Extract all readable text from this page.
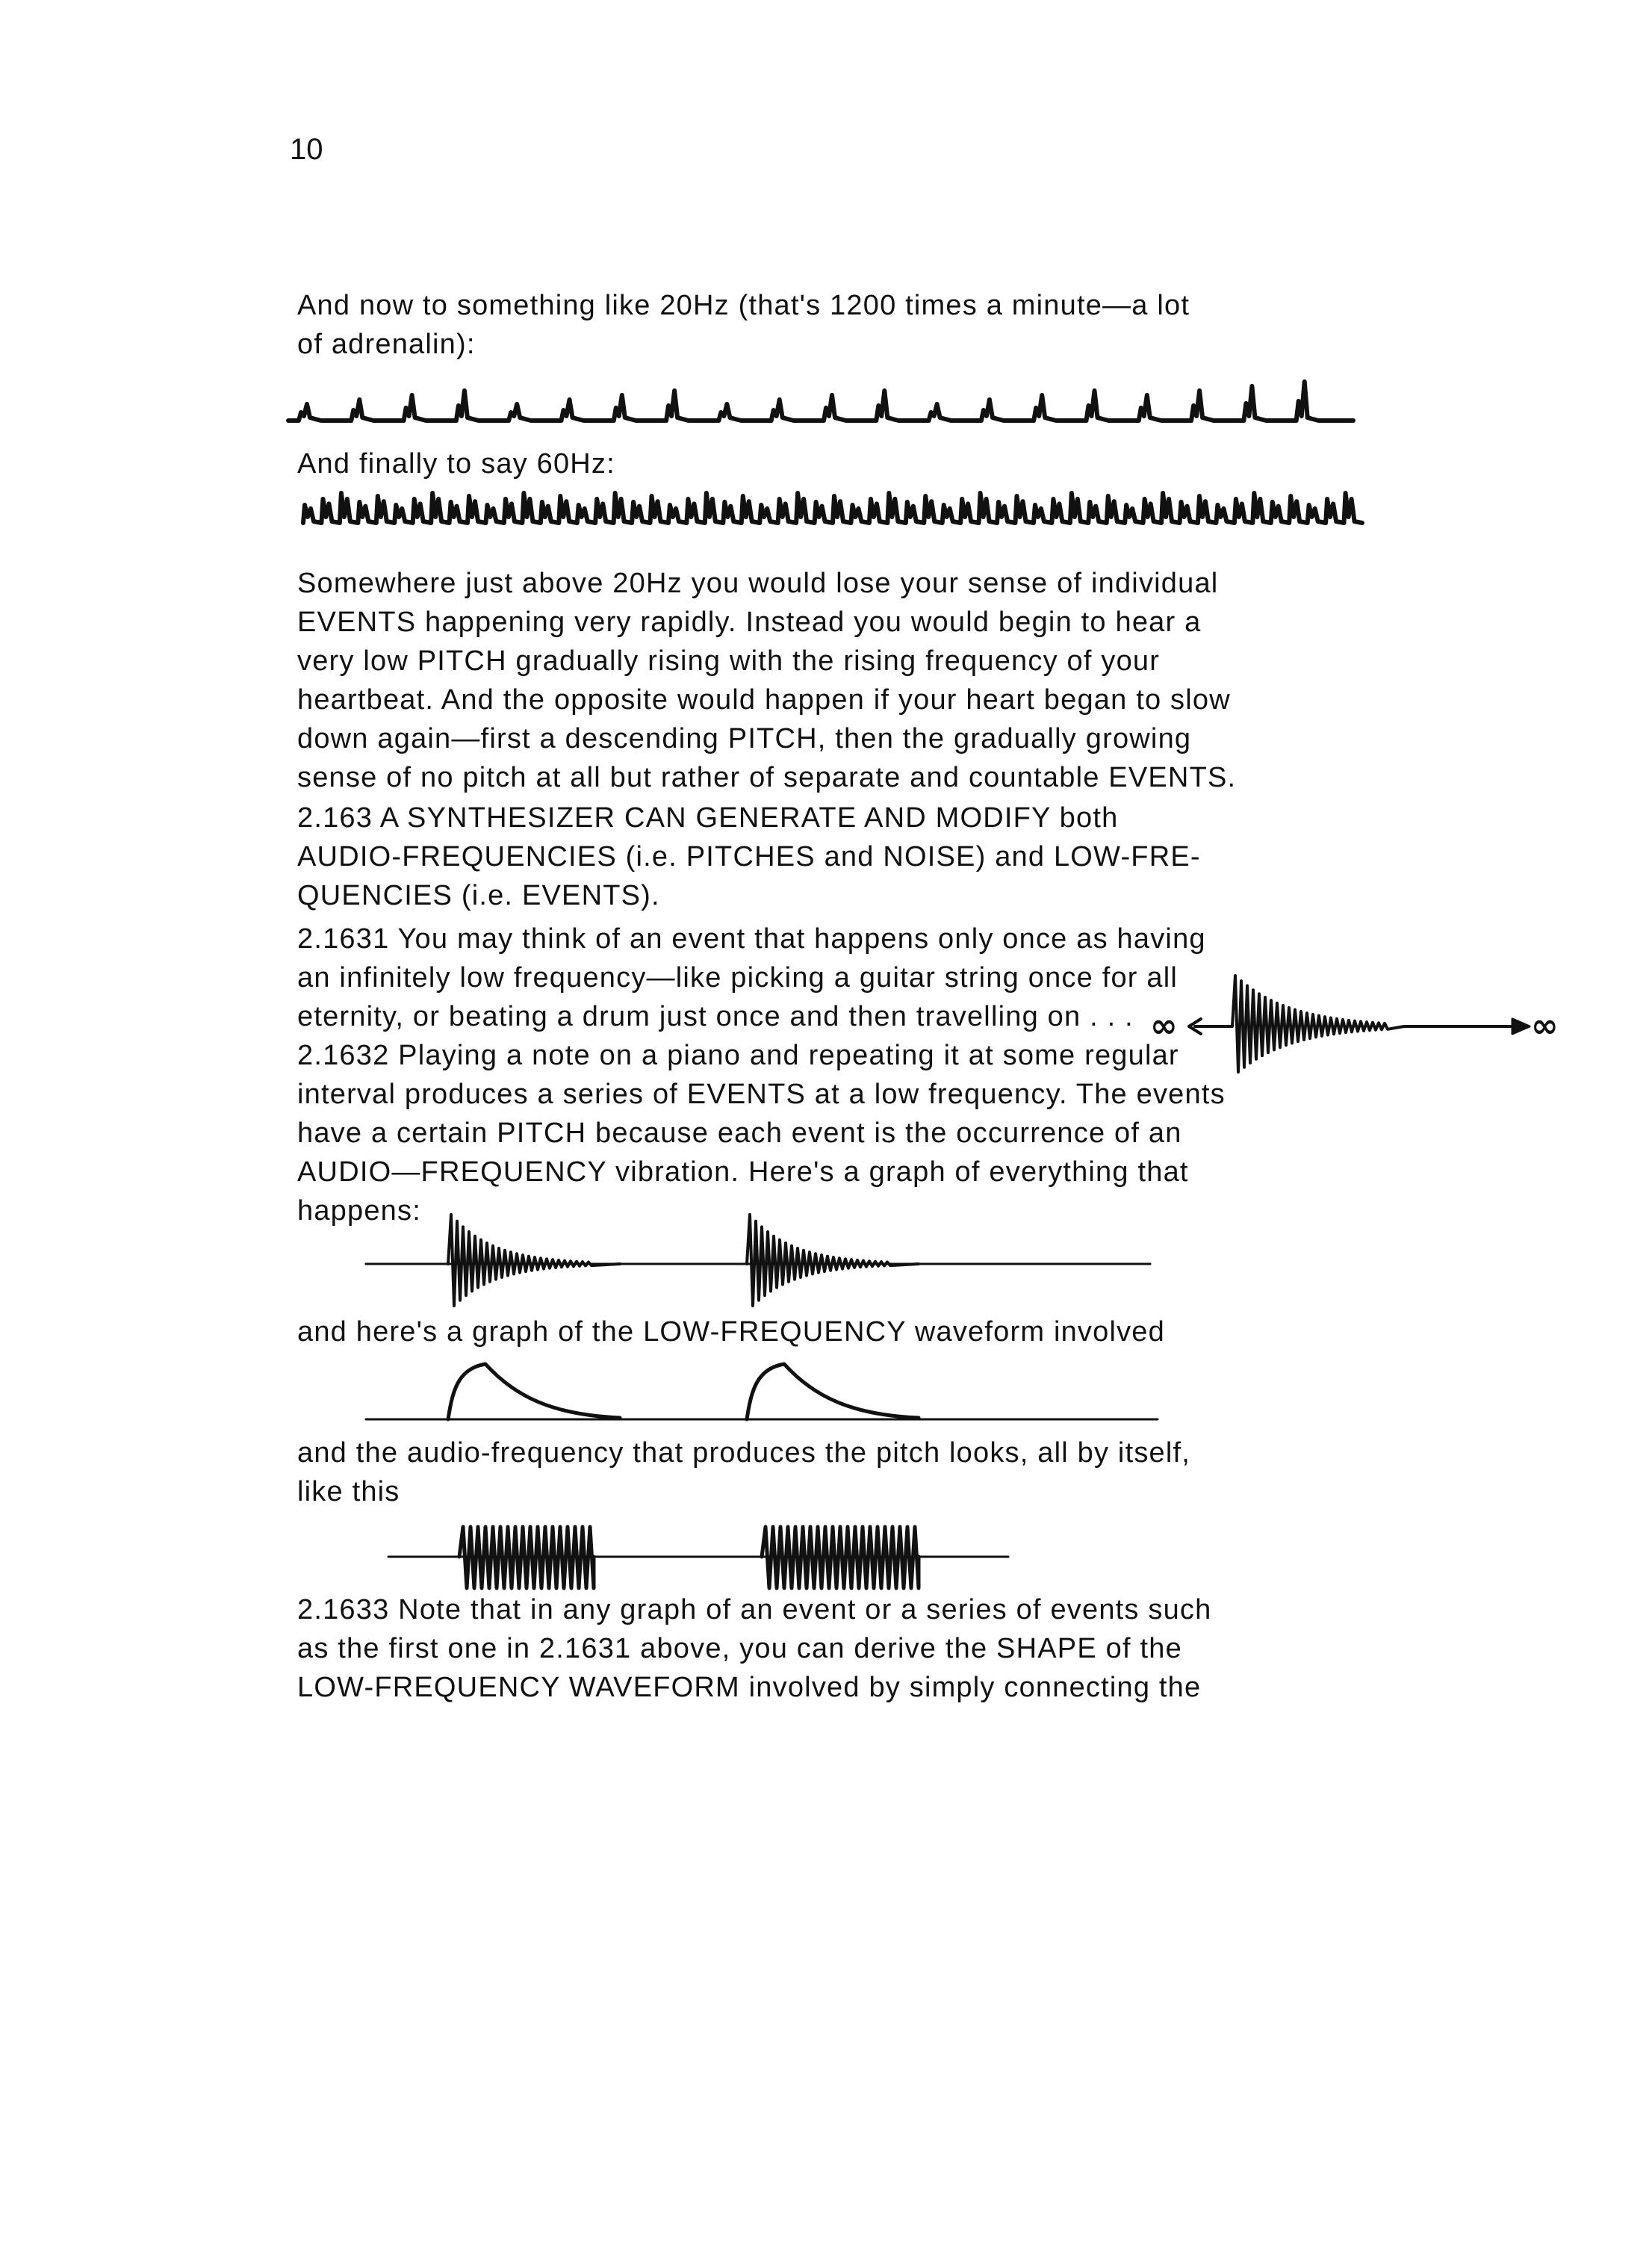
10
And now to something like 20Hz (that's 1200 times a minute—a lot
of adrenalin):
And finally to say 60Hz:
Somewhere just above 20Hz you would lose your sense of individual
EVENTS happening very rapidly. Instead you would begin to hear a
very low PITCH gradually rising with the rising frequency of your
heartbeat. And the opposite would happen if your heart began to slow
down again—first a descending PITCH, then the gradually growing
sense of no pitch at all but rather of separate and countable EVENTS.
2.163 A SYNTHESIZER CAN GENERATE AND MODIFY both
AUDIO-FREQUENCIES (i.e. PITCHES and NOISE) and LOW-FRE-
QUENCIES (i.e. EVENTS).
2.1631 You may think of an event that happens only once as having
an infinitely low frequency—like picking a guitar string once for all
eternity, or beating a drum just once and then travelling on . . .
2.1632 Playing a note on a piano and repeating it at some regular
interval produces a series of EVENTS at a low frequency. The events
have a certain PITCH because each event is the occurrence of an
AUDIO—FREQUENCY vibration. Here's a graph of everything that
happens:
and here's a graph of the LOW-FREQUENCY waveform involved
and the audio-frequency that produces the pitch looks, all by itself,
like this
2.1633 Note that in any graph of an event or a series of events such
as the first one in 2.1631 above, you can derive the SHAPE of the
LOW-FREQUENCY WAVEFORM involved by simply connecting the
∞	∞
